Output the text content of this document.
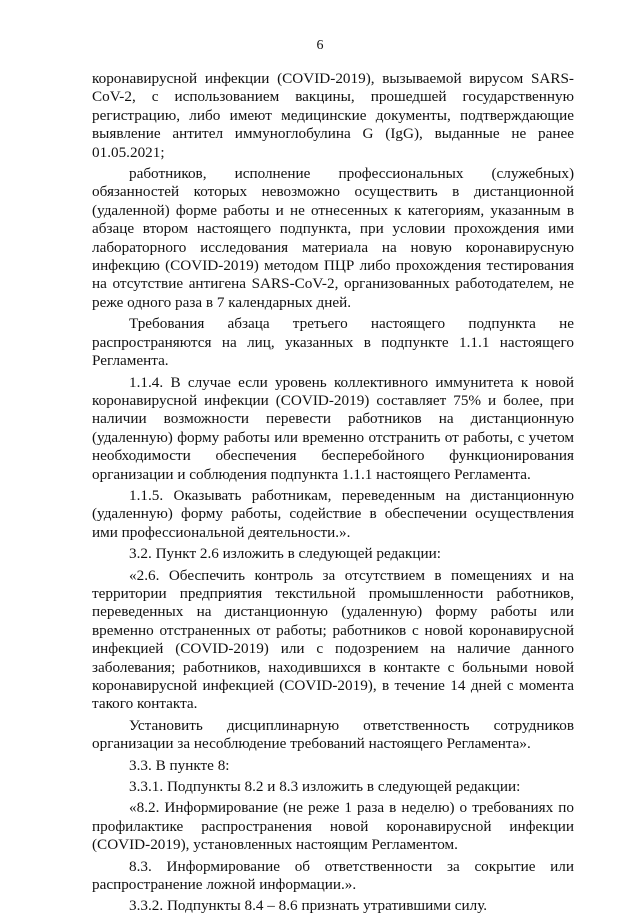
6

коронавирусной инфекции (COVID-2019), вызываемой вирусом SARS-CoV-2, с использованием вакцины, прошедшей государственную регистрацию, либо имеют медицинские документы, подтверждающие выявление антител иммуноглобулина G (IgG), выданные не ранее 01.05.2021;

работников, исполнение профессиональных (служебных) обязанностей которых невозможно осуществить в дистанционной (удаленной) форме работы и не отнесенных к категориям, указанным в абзаце втором настоящего подпункта, при условии прохождения ими лабораторного исследования материала на новую коронавирусную инфекцию (COVID-2019) методом ПЦР либо прохождения тестирования на отсутствие антигена SARS-CoV-2, организованных работодателем, не реже одного раза в 7 календарных дней.

Требования абзаца третьего настоящего подпункта не распространяются на лиц, указанных в подпункте 1.1.1 настоящего Регламента.

1.1.4. В случае если уровень коллективного иммунитета к новой коронавирусной инфекции (COVID-2019) составляет 75% и более, при наличии возможности перевести работников на дистанционную (удаленную) форму работы или временно отстранить от работы, с учетом необходимости обеспечения бесперебойного функционирования организации и соблюдения подпункта 1.1.1 настоящего Регламента.

1.1.5. Оказывать работникам, переведенным на дистанционную (удаленную) форму работы, содействие в обеспечении осуществления ими профессиональной деятельности.».

3.2. Пункт 2.6 изложить в следующей редакции:

«2.6. Обеспечить контроль за отсутствием в помещениях и на территории предприятия текстильной промышленности работников, переведенных на дистанционную (удаленную) форму работы или временно отстраненных от работы; работников с новой коронавирусной инфекцией (COVID-2019) или с подозрением на наличие данного заболевания; работников, находившихся в контакте с больными новой коронавирусной инфекцией (COVID-2019), в течение 14 дней с момента такого контакта.

Установить дисциплинарную ответственность сотрудников организации за несоблюдение требований настоящего Регламента».

3.3. В пункте 8:

3.3.1. Подпункты 8.2 и 8.3 изложить в следующей редакции:

«8.2. Информирование (не реже 1 раза в неделю) о требованиях по профилактике распространения новой коронавирусной инфекции (COVID-2019), установленных настоящим Регламентом.

8.3. Информирование об ответственности за сокрытие или распространение ложной информации.».

3.3.2. Подпункты 8.4 – 8.6 признать утратившими силу.
